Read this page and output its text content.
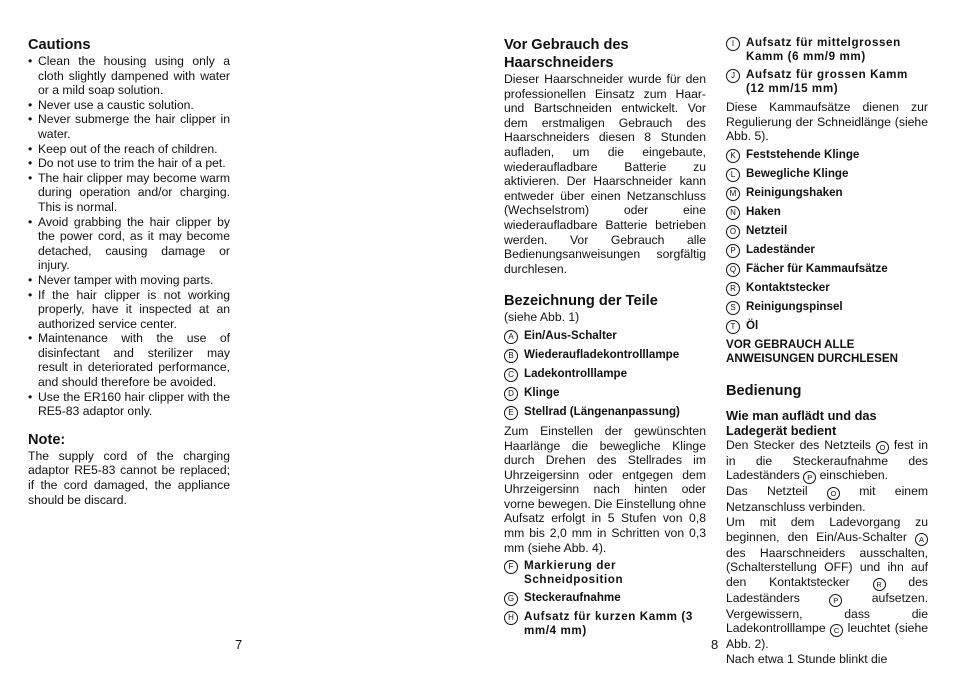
Cautions
• Clean the housing using only a cloth slightly dampened with water or a mild soap solution.
• Never use a caustic solution.
• Never submerge the hair clipper in water.
• Keep out of the reach of children.
• Do not use to trim the hair of a pet.
• The hair clipper may become warm during operation and/or charging. This is normal.
• Avoid grabbing the hair clipper by the power cord, as it may become detached, causing damage or injury.
• Never tamper with moving parts.
• If the hair clipper is not working properly, have it inspected at an authorized service center.
• Maintenance with the use of disinfectant and sterilizer may result in deteriorated performance, and should therefore be avoided.
• Use the ER160 hair clipper with the RE5-83 adaptor only.
Note:

The supply cord of the charging adaptor RE5-83 cannot be replaced; if the cord damaged, the appliance should be discard.

7
Vor Gebrauch des Haarschneiders

Dieser Haarschneider wurde für den professionellen Einsatz zum Haar- und Bartschneiden entwickelt. Vor dem erstmaligen Gebrauch des Haarschneiders diesen 8 Stunden aufladen, um die eingebaute, wiederaufladbare Batterie zu aktivieren. Der Haarschneider kann entweder über einen Netzanschluss (Wechselstrom) oder eine wiederaufladbare Batterie betrieben werden. Vor Gebrauch alle Bedienungsanweisungen sorgfältig durchlesen.

Bezeichnung der Teile

(siehe Abb. 1)

A Ein/Aus-Schalter
B Wiederaufladekontrolllampe
C Ladekontrolllampe
D Klinge
E Stellrad (Längenanpassung)

Zum Einstellen der gewünschten Haarlänge die bewegliche Klinge durch Drehen des Stellrades im Uhrzeigersinn oder entgegen dem Uhrzeigersinn nach hinten oder vorne bewegen. Die Einstellung ohne Aufsatz erfolgt in 5 Stufen von 0,8 mm bis 2,0 mm in Schritten von 0,3 mm (siehe Abb. 4).

F Markierung der Schneidposition
G Steckeraufnahme
H Aufsatz für kurzen Kamm (3 mm/4 mm)
I	Aufsatz für mittelgrossen Kamm (6 mm/9 mm)
J Aufsatz für grossen Kamm (12 mm/15 mm)

Diese Kammaufsätze dienen zur Regulierung der Schneidlänge (siehe Abb. 5).

K Feststehende Klinge
L Bewegliche Klinge
M Reinigungshaken
N Haken
O Netzteil
P Ladeständer
Q Fächer für Kammaufsätze
R Kontaktstecker
S Reinigungspinsel
T Öl
VOR GEBRAUCH ALLE ANWEISUNGEN DURCHLESEN
Bedienung
Wie man auflädt und das Ladegerät bedient

Den Stecker des Netzteils O fest in in die Steckeraufnahme des Ladeständers P einschieben.

Das Netzteil O mit einem Netzanschluss verbinden.

Um mit dem Ladevorgang zu beginnen, den Ein/Aus-Schalter A des Haarschneiders ausschalten, (Schalterstellung OFF) und ihn auf den Kontaktstecker R des Ladeständers P aufsetzen. Vergewissern, dass die Ladekontrolllampe C leuchtet (siehe Abb. 2).

Nach etwa 1 Stunde blinkt die

8
